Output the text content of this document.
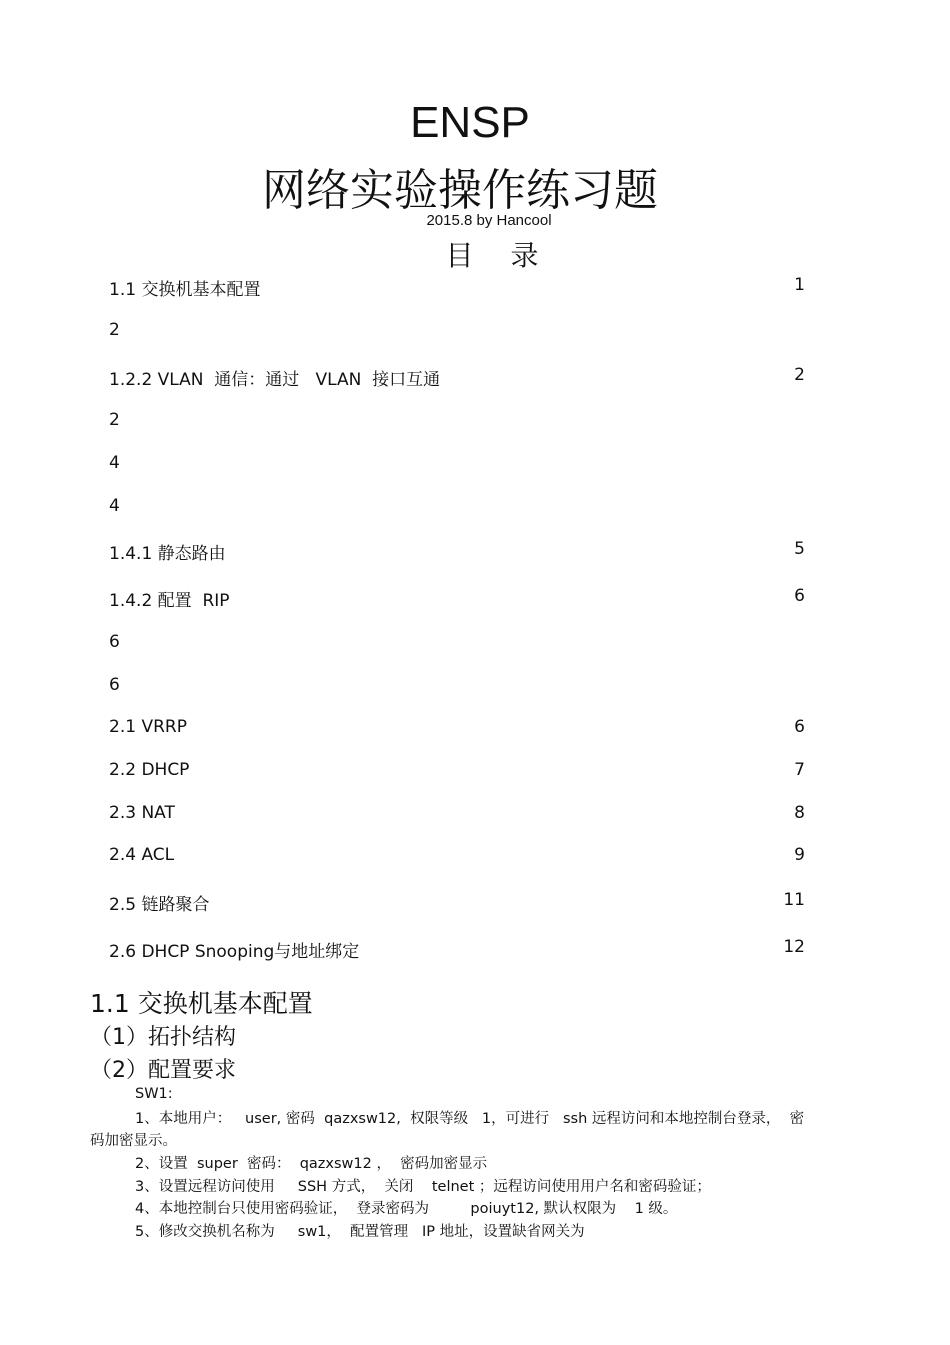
ENSP
网络实验操作练习题
2015.8 by Hancool
目 录
1.1 交换机基本配置	1
2
1.2.2 VLAN  通信：通过   VLAN  接口互通	2
2
4
4
1.4.1 静态路由	5
1.4.2 配置  RIP	6
6
6
2.1 VRRP	6
2.2 DHCP	7
2.3 NAT	8
2.4 ACL	9
2.5 链路聚合	11
2.6 DHCP Snooping与地址绑定	12
1.1 交换机基本配置
（1）拓扑结构
（2）配置要求
SW1:
1、本地用户：   user, 密码  qazxsw12,  权限等级   1，可进行   ssh 远程访问和本地控制台登录，  密
码加密显示。
2、设置  super  密码：  qazxsw12 ，  密码加密显示
3、设置远程访问使用     SSH 方式，  关闭    telnet ；远程访问使用用户名和密码验证；
4、本地控制台只使用密码验证，  登录密码为         poiuyt12, 默认权限为    1 级。
5、修改交换机名称为     sw1，  配置管理   IP 地址，设置缺省网关为
